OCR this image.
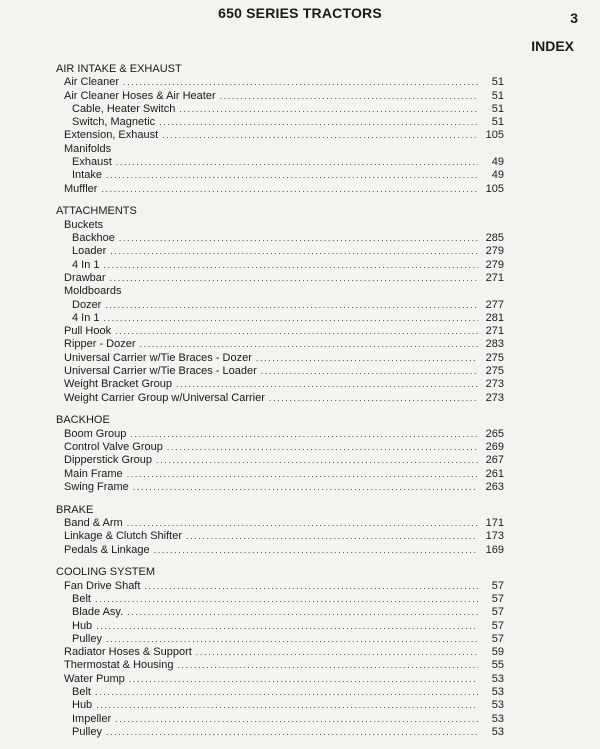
650 SERIES TRACTORS	3
INDEX
AIR INTAKE & EXHAUST
Air Cleaner .....	51
Air Cleaner Hoses & Air Heater .....	51
Cable, Heater Switch .....	51
Switch, Magnetic .....	51
Extension, Exhaust .....	105
Manifolds
Exhaust .....	49
Intake .....	49
Muffler .....	105
ATTACHMENTS
Buckets
Backhoe .....	285
Loader .....	279
4 In 1 .....	279
Drawbar .....	271
Moldboards
Dozer .....	277
4 In 1 .....	281
Pull Hook .....	271
Ripper - Dozer .....	283
Universal Carrier w/Tie Braces - Dozer .....	275
Universal Carrier w/Tie Braces - Loader .....	275
Weight Bracket Group .....	273
Weight Carrier Group w/Universal Carrier .....	273
BACKHOE
Boom Group .....	265
Control Valve Group .....	269
Dipperstick Group .....	267
Main Frame .....	261
Swing Frame .....	263
BRAKE
Band & Arm .....	171
Linkage & Clutch Shifter .....	173
Pedals & Linkage .....	169
COOLING SYSTEM
Fan Drive Shaft .....	57
Belt .....	57
Blade Asy. .....	57
Hub .....	57
Pulley .....	57
Radiator Hoses & Support .....	59
Thermostat & Housing .....	55
Water Pump .....	53
Belt .....	53
Hub .....	53
Impeller .....	53
Pulley .....	53
